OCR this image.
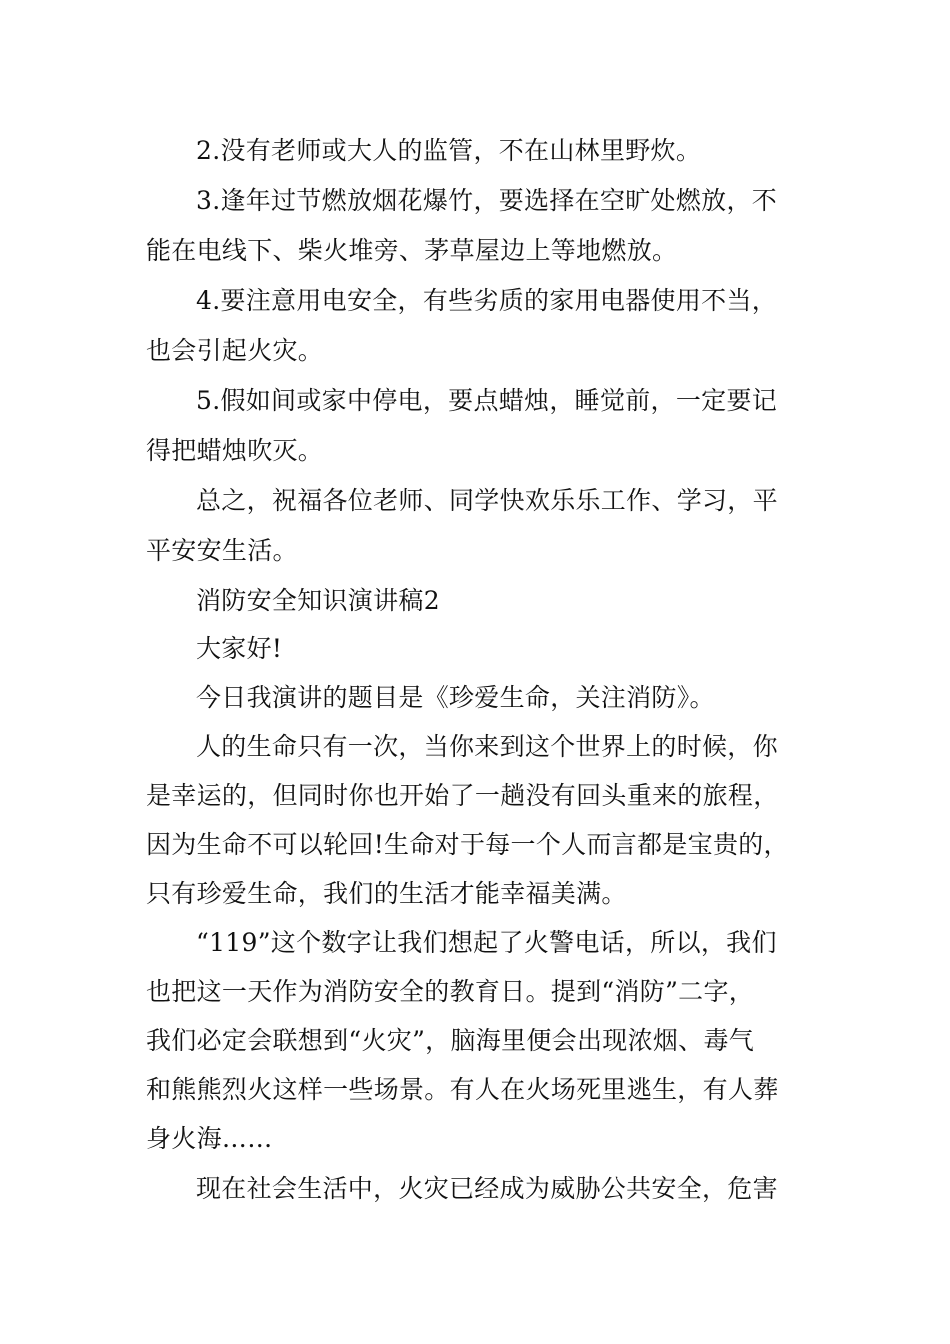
2.没有老师或大人的监管，不在山林里野炊。
3.逢年过节燃放烟花爆竹，要选择在空旷处燃放，不
能在电线下、柴火堆旁、茅草屋边上等地燃放。
4.要注意用电安全，有些劣质的家用电器使用不当，
也会引起火灾。
5.假如间或家中停电，要点蜡烛，睡觉前，一定要记
得把蜡烛吹灭。
总之，祝福各位老师、同学快欢乐乐工作、学习，平
平安安生活。
消防安全知识演讲稿2
大家好!
今日我演讲的题目是《珍爱生命，关注消防》。
人的生命只有一次，当你来到这个世界上的时候，你
是幸运的，但同时你也开始了一趟没有回头重来的旅程，
因为生命不可以轮回!生命对于每一个人而言都是宝贵的，
只有珍爱生命，我们的生活才能幸福美满。
“119”这个数字让我们想起了火警电话，所以，我们
也把这一天作为消防安全的教育日。提到“消防”二字，
我们必定会联想到“火灾”，脑海里便会出现浓烟、毒气
和熊熊烈火这样一些场景。有人在火场死里逃生，有人葬
身火海……
现在社会生活中，火灾已经成为威胁公共安全，危害
